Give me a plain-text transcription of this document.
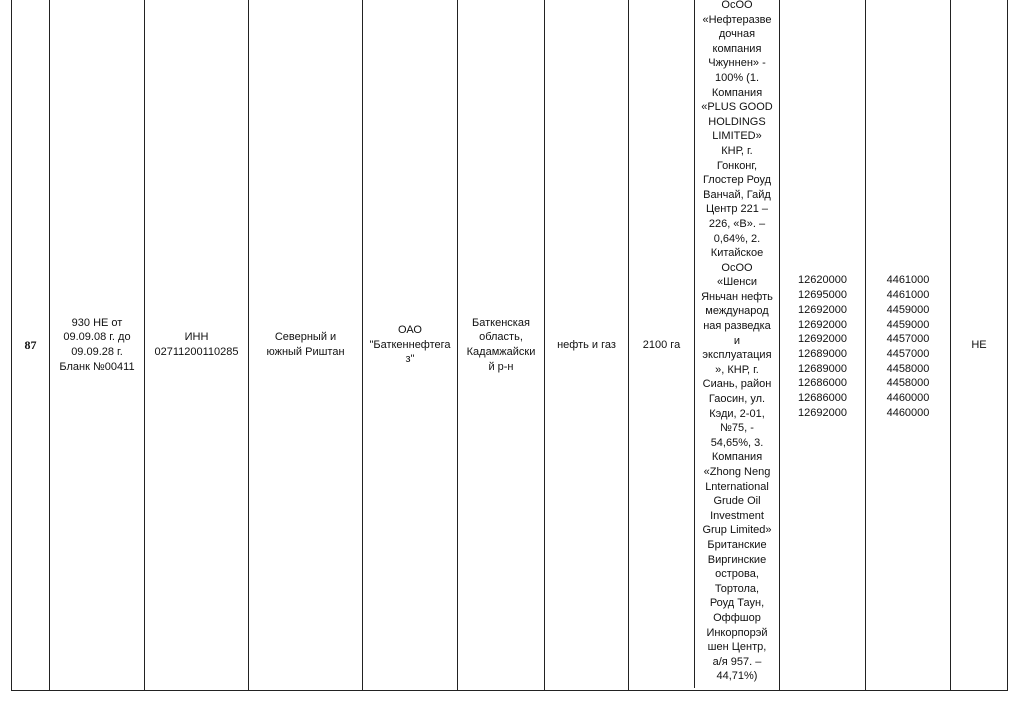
87
930 НЕ от
09.09.08 г. до
09.09.28 г.
Бланк №00411
ИНН
02711200110285
Северный и
южный Риштан
ОАО
"Баткеннефтега
з"
Баткенская
область,
Кадамжайски
й р-н
нефть и газ 2100 га
ОсОО
«Нефтеразве
дочная
компания
Чжуннен» -
100% (1.
Компания
«PLUS GOOD
HOLDINGS
LIMITED»
КНР, г.
Гонконг,
Глостер Роуд
Ванчай, Гайд
Центр 221 –
226, «В». –
0,64%, 2.
Китайское
ОсОО
«Шенси
Яньчан нефть
международ
ная разведка
и
эксплуатация
», КНР, г.
Сиань, район
Гаосин, ул.
Кэди, 2-01,
№75, -
54,65%, 3.
Компания
«Zhong Neng
Lnternational
Grude Oil
Investment
Grup Limited»
Британские
Виргинские
острова,
Тортола,
Роуд Таун,
Оффшор
Инкорпорэй
шен Центр,
а/я 957. –
44,71%)
12620000
12695000
12692000
12692000
12692000
12689000
12689000
12686000
12686000
12692000
4461000
4461000
4459000
4459000
4457000
4457000
4458000
4458000
4460000
4460000
НЕ
